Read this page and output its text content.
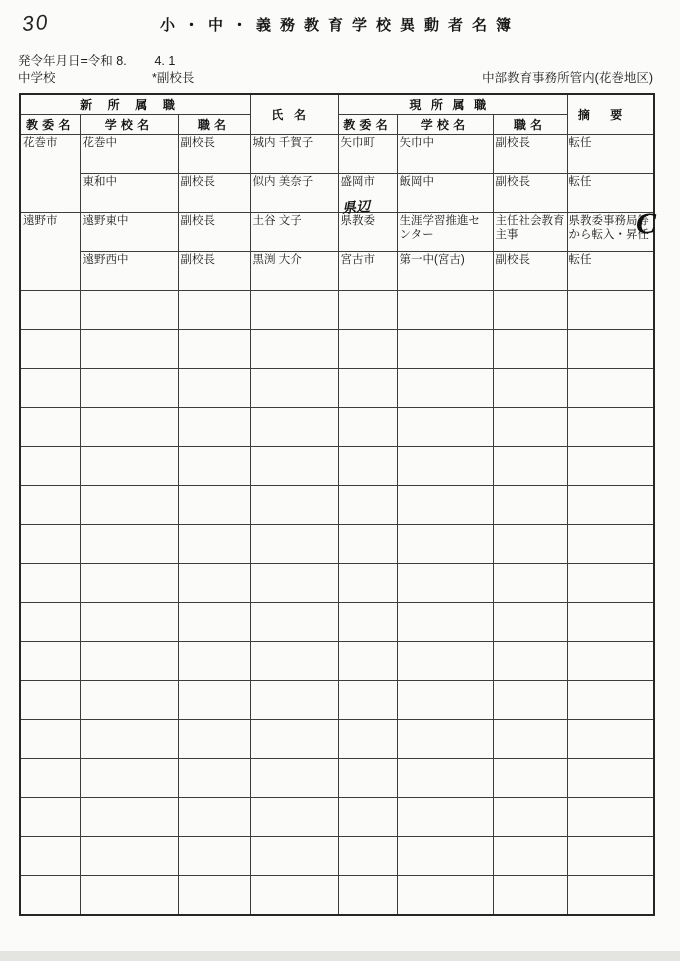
30	小・中・義務教育学校異動者名簿
発令年月日=令和 8.        4. 1
中学校	*副校長	中部教育事務所管内(花巻地区)
新所属職			氏名	現所属職			摘要
教委名	学校名	職名		教委名	学校名	職名	
花巻市	花巻中	副校長	城内 千賀子	矢巾町	矢巾中	副校長	転任
	東和中	副校長	似内 美奈子	盛岡市	飯岡中	副校長	転任
遠野市	遠野東中	副校長	土谷 文子	県教委	生涯学習推進センター	主任社会教育主事	県教委事務局等から転入・昇任
	遠野西中	副校長	黒渕 大介	宮古市	第一中(宮古)	副校長	転任

県辺	C
